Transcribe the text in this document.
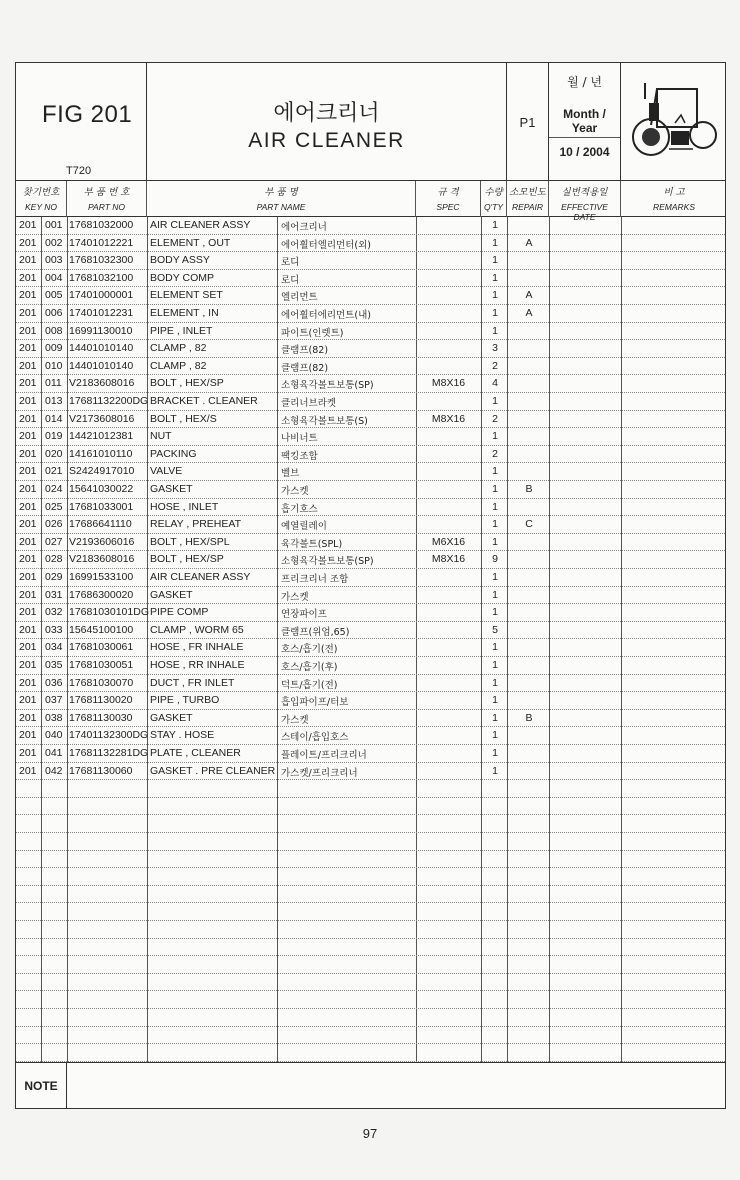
FIG 201
T720
에어크리너
AIR CLEANER
P1
월 / 년
Month / Year
10 / 2004
찾기번호
KEY NO
부 품 번 호
PART NO
부 품 명
PART NAME
규 격
SPEC
수량
Q'TY
소모빈도
REPAIR
실번적용일
EFFECTIVE DATE
비 고
REMARKS
201 001 17681032000 AIR CLEANER ASSY	에어크리너	1
201 002 17401012221 ELEMENT , OUT	에어휠터엘리먼터(외)	1	A
201 003 17681032300 BODY ASSY	로디	1
201 004 17681032100 BODY COMP	로디	1
201 005 17401000001 ELEMENT SET	엘리먼트	1	A
201 006 17401012231 ELEMENT , IN	에어휠터에리먼트(내)	1	A
201 008 16991130010 PIPE , INLET	파이트(인렛트)	1
201 009 14401010140 CLAMP , 82	클램프(82)	3
201 010 14401010140 CLAMP , 82	클램프(82)	2
201 011 V2183608016 BOLT , HEX/SP	소형육각볼트보통(SP)	M8X16	4
201 013 17681132200DG BRACKET . CLEANER	클리너브라켓	1
201 014 V2173608016 BOLT , HEX/S	소형육각볼트보통(S)	M8X16	2
201 019 14421012381 NUT	나비너트	1
201 020 14161010110 PACKING	팩킹조합	2
201 021 S2424917010 VALVE	벨브	1
201 024 15641030022 GASKET	가스켓	1	B
201 025 17681033001 HOSE , INLET	흡기호스	1
201 026 17686641110 RELAY , PREHEAT	예열릴레이	1	C
201 027 V2193606016 BOLT , HEX/SPL	육각볼트(SPL)	M6X16	1
201 028 V2183608016 BOLT , HEX/SP	소형육각볼트보통(SP)	M8X16	9
201 029 16991533100 AIR CLEANER ASSY	프리크리너 조합	1
201 031 17686300020 GASKET	가스켓	1
201 032 17681030101DG PIPE COMP	연장파이프	1
201 033 15645100100 CLAMP , WORM 65	클램프(위엄,65)	5
201 034 17681030061 HOSE , FR INHALE	호스/흡기(전)	1
201 035 17681030051 HOSE , RR INHALE	호스/흡기(후)	1
201 036 17681030070 DUCT , FR INLET	덕트/흡기(전)	1
201 037 17681130020 PIPE , TURBO	흡입파이프/터보	1
201 038 17681130030 GASKET	가스켓	1	B
201 040 17401132300DG STAY . HOSE	스테이/흡입호스	1
201 041 17681132281DG PLATE , CLEANER	플레이트/프리크리너	1
201 042 17681130060 GASKET . PRE CLEANER 가스켓/프리크리너	1
NOTE
97
